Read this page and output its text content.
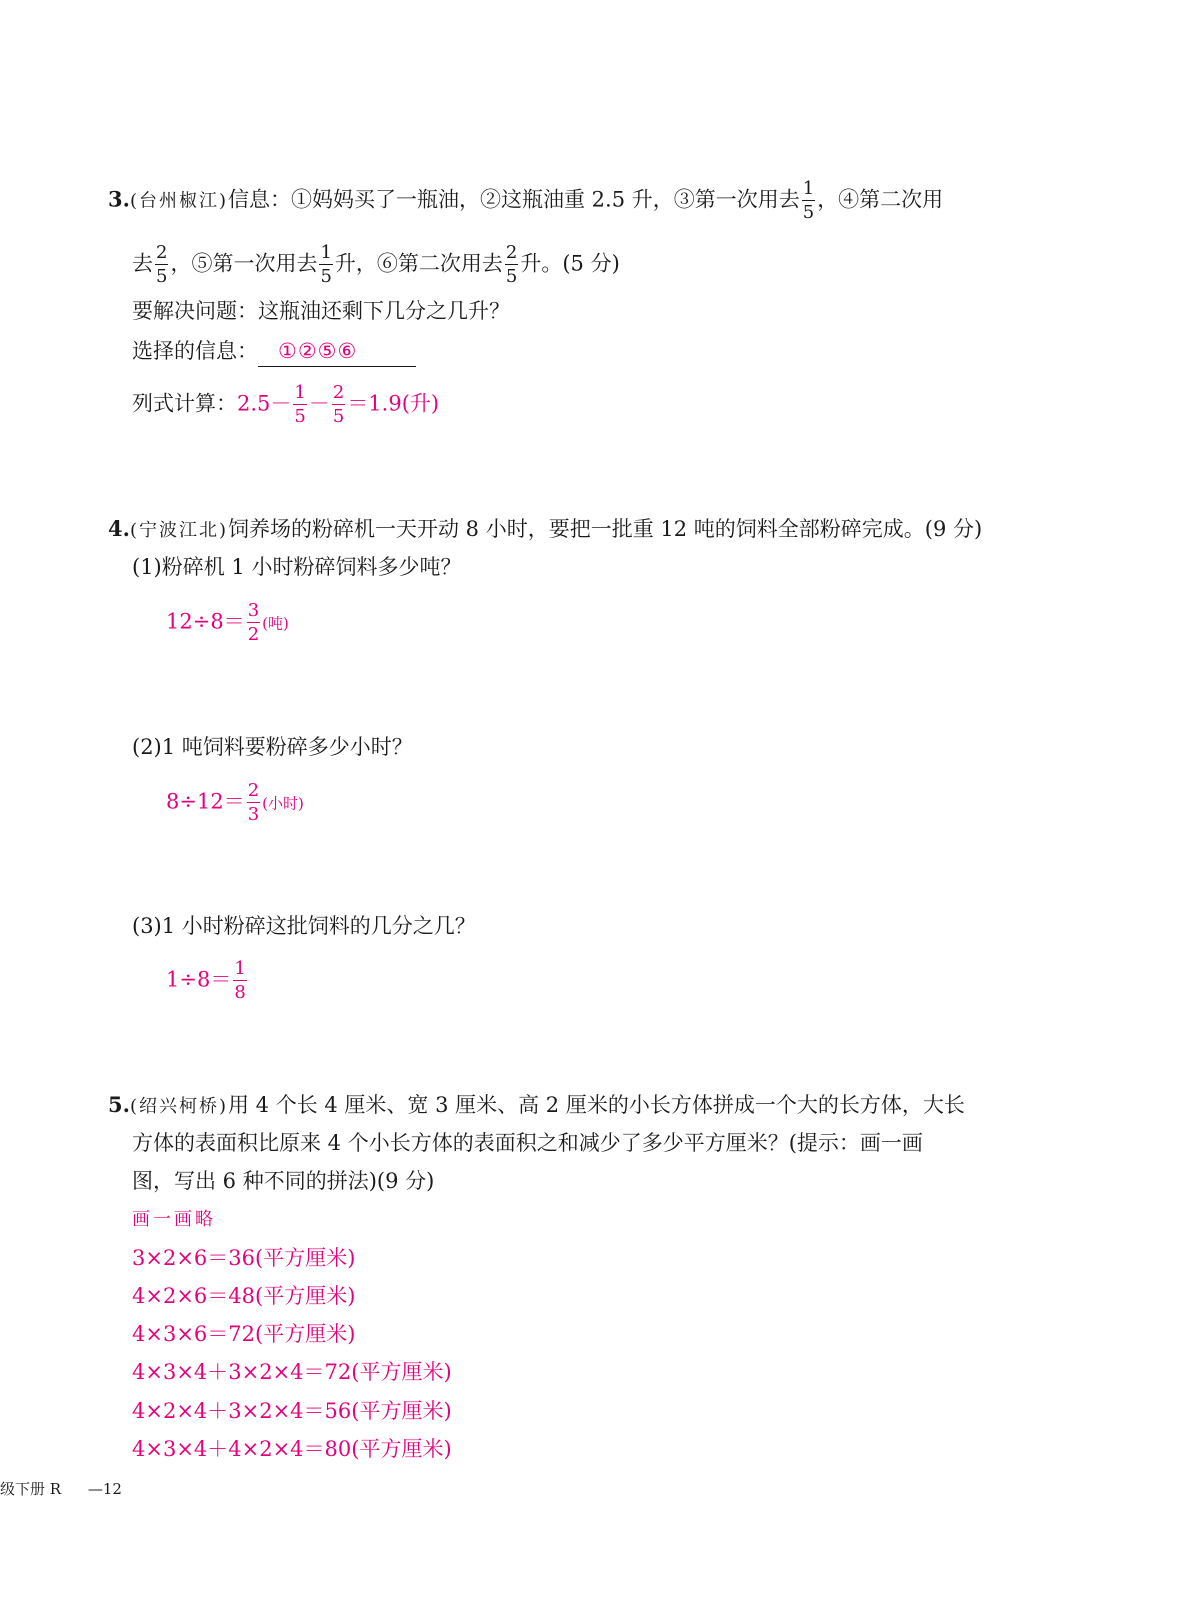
3.(台州椒江)信息：①妈妈买了一瓶油，②这瓶油重 2.5 升，③第一次用去 $\frac{1}{5}$ ，④第二次用
去 $\frac{2}{5}$ ，⑤第一次用去 $\frac{1}{5}$ 升，⑥第二次用去 $\frac{2}{5}$ 升。(5 分)
要解决问题：这瓶油还剩下几分之几升？
选择的信息： ①②⑤⑥
列式计算：$2.5- \frac{1}{5} - \frac{2}{5} =1.9$(升)
4.(宁波江北)饲养场的粉碎机一天开动 8 小时，要把一批重 12 吨的饲料全部粉碎完成。(9 分)
(1)粉碎机 1 小时粉碎饲料多少吨？
$12\div 8= \frac{3}{2}$ (吨)
(2)1 吨饲料要粉碎多少小时？
$8\div 12= \frac{2}{3}$ (小时)
(3)1 小时粉碎这批饲料的几分之几？
$1\div 8= \frac{1}{8}$
5.(绍兴柯桥)用 4 个长 4 厘米、宽 3 厘米、高 2 厘米的小长方体拼成一个大的长方体，大长
方体的表面积比原来 4 个小长方体的表面积之和减少了多少平方厘米？(提示：画一画
图，写出 6 种不同的拼法)(9 分)
画一画略
3×2×6＝36(平方厘米)
4×2×6＝48(平方厘米)
4×3×6＝72(平方厘米)
4×3×4＋3×2×4＝72(平方厘米)
4×2×4＋3×2×4＝56(平方厘米)
4×3×4＋4×2×4＝80(平方厘米)
级下册 R —12
